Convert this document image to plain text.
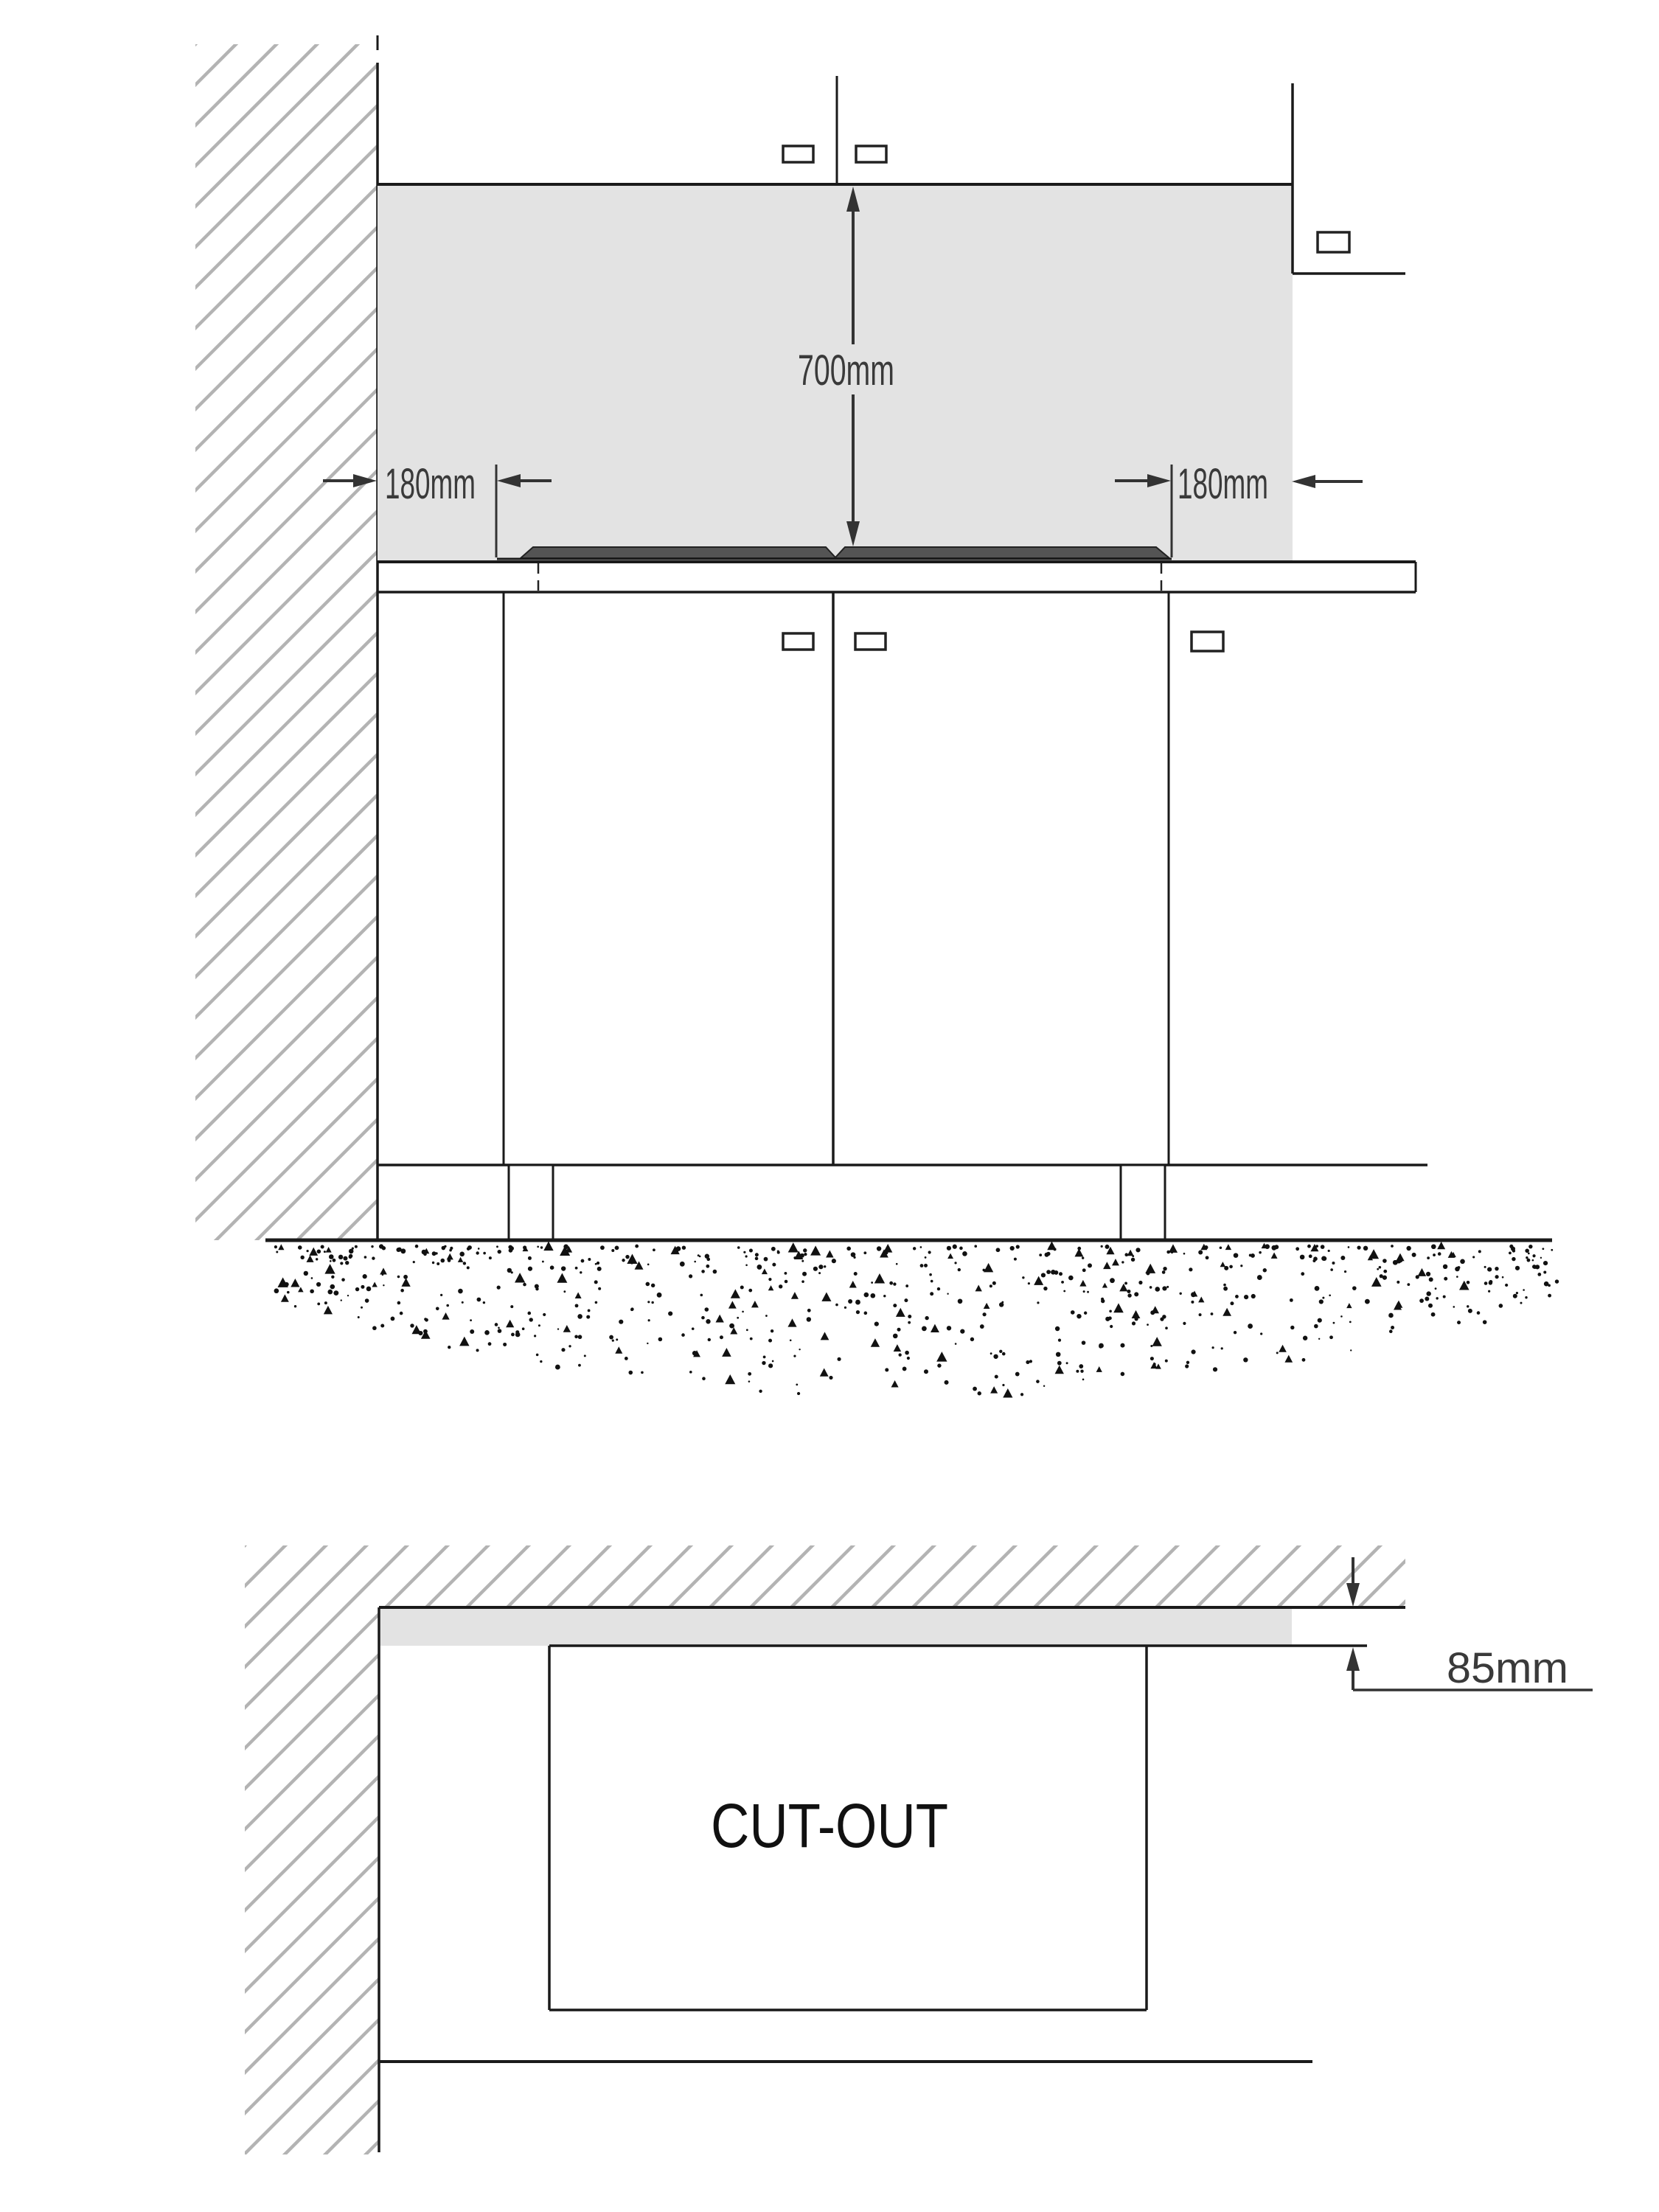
700mm
180mm	180mm
CUT-OUT
85mm
